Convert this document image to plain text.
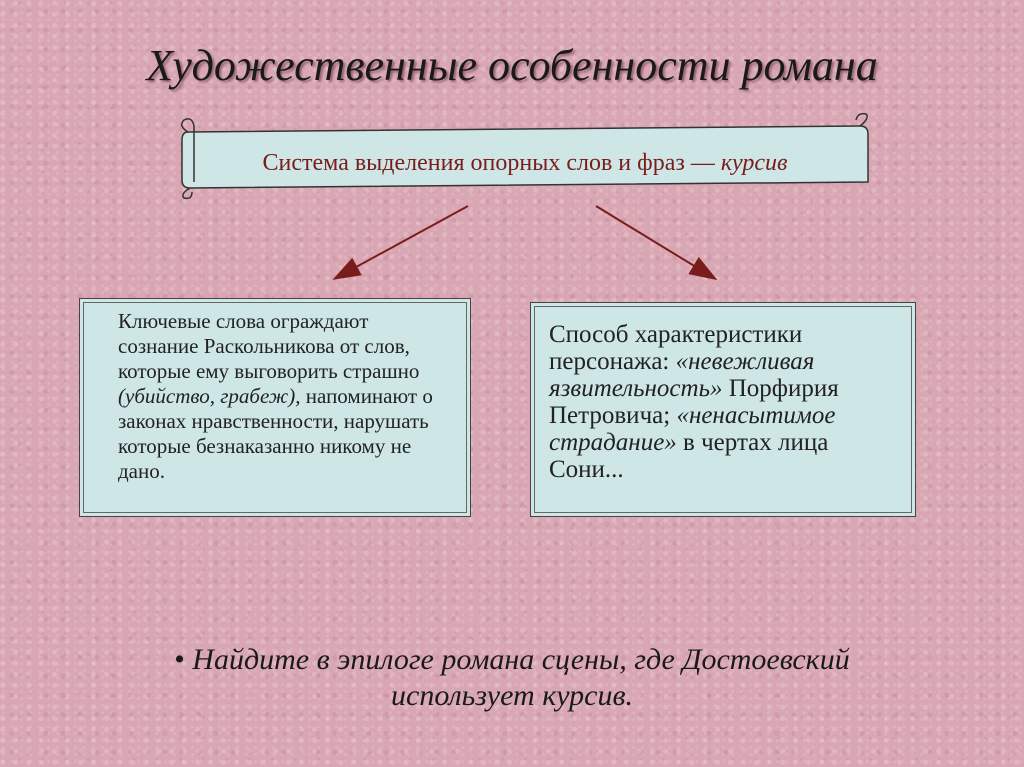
Художественные особенности романа
Система выделения опорных слов и фраз —
курсив
Ключевые слова ограждают сознание Раскольникова от слов, которые ему выговорить страшно (убийство, грабеж), напоминают о законах нравственности, нарушать которые безнаказанно никому не дано.
Способ характеристики персонажа: «невежливая язвительность» Порфирия Петровича; «ненасытимое страдание» в чертах лица Сони...
• Найдите в эпилоге романа сцены, где Достоевский
использует курсив.
